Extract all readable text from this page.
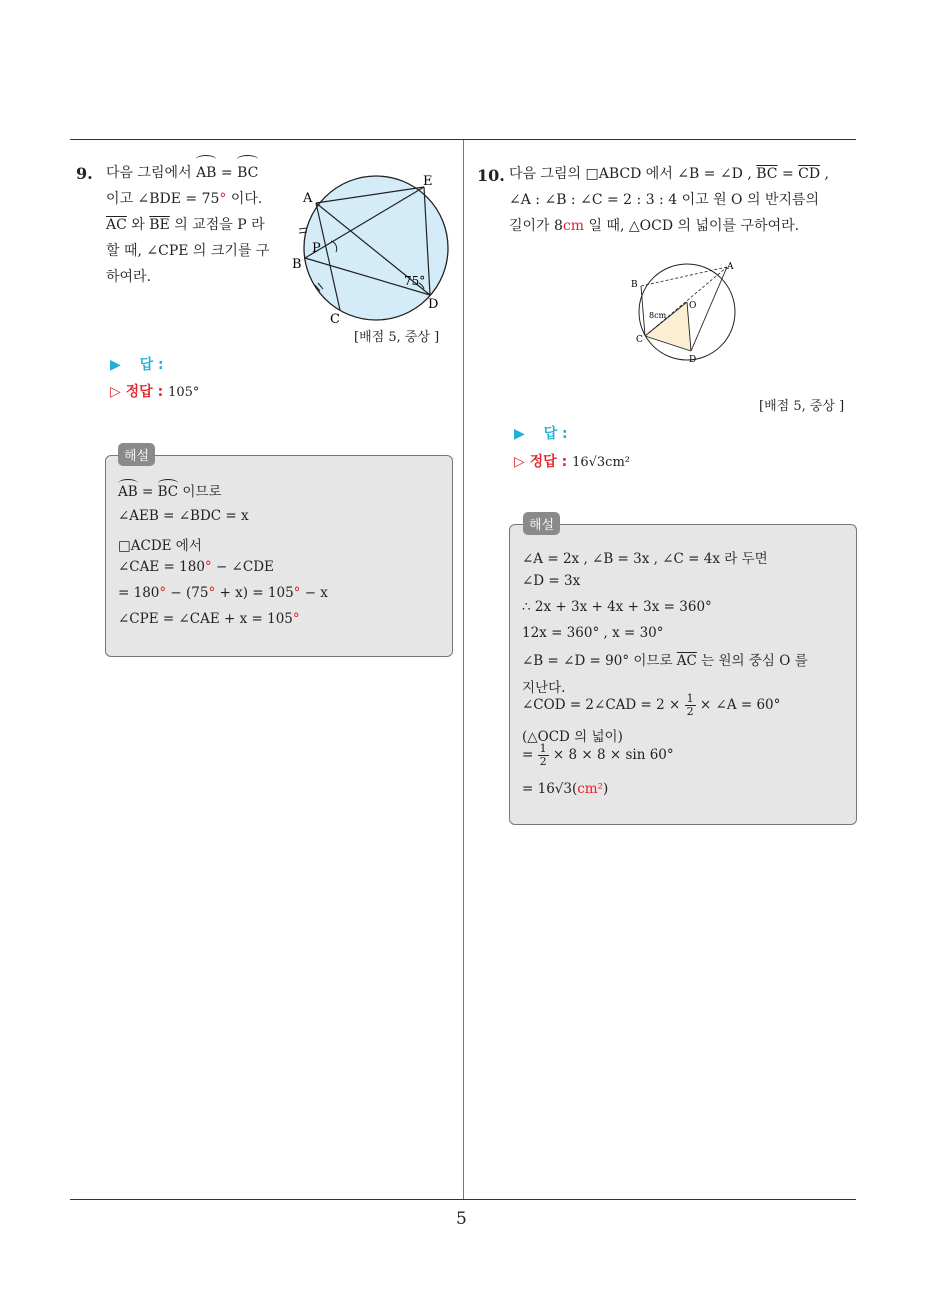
5
9. 다음 그림에서 AB = BC
이고 ∠BDE = 75° 이다.
$\overline{AC}$ 와 $\overline{BE}$ 의 교점을 P 라
할 때, ∠CPE 의 크기를 구
하여라.
A
E
P
B
C
D
75°
[배점 5, 중상 ]
▶ 답 :
▷ 정답 : 105°
AB = BC 이므로
∠AEB = ∠BDC = x
□ACDE 에서
∠CAE = 180° − ∠CDE
= 180° − (75° + x) = 105° − x
∠CPE = ∠CAE + x = 105°
해설
10. 다음 그림의 □ABCD 에서 ∠B = ∠D , $\overline{BC} = \overline{CD}$ ,
∠A : ∠B : ∠C = 2 : 3 : 4 이고 원 O 의 반지름의
길이가 8cm 일 때, △OCD 의 넓이를 구하여라.
A
B
O
C
D
8cm
[배점 5, 중상 ]
▶ 답 :
▷ 정답 : 16√3cm²
∠A = 2x , ∠B = 3x , ∠C = 4x 라 두면
∠D = 3x
∴ 2x + 3x + 4x + 3x = 360°
12x = 360° , x = 30°
∠B = ∠D = 90° 이므로 $\overline{AC}$ 는 원의 중심 O 를
지난다.
∠COD = 2∠CAD = $2 \times \frac{1}{2}$ × ∠A = 60°
(△OCD 의 넓이)
= $\frac{1}{2} \times 8 \times 8 \times \sin 60^\circ$
= 16√3(cm²)
해설
